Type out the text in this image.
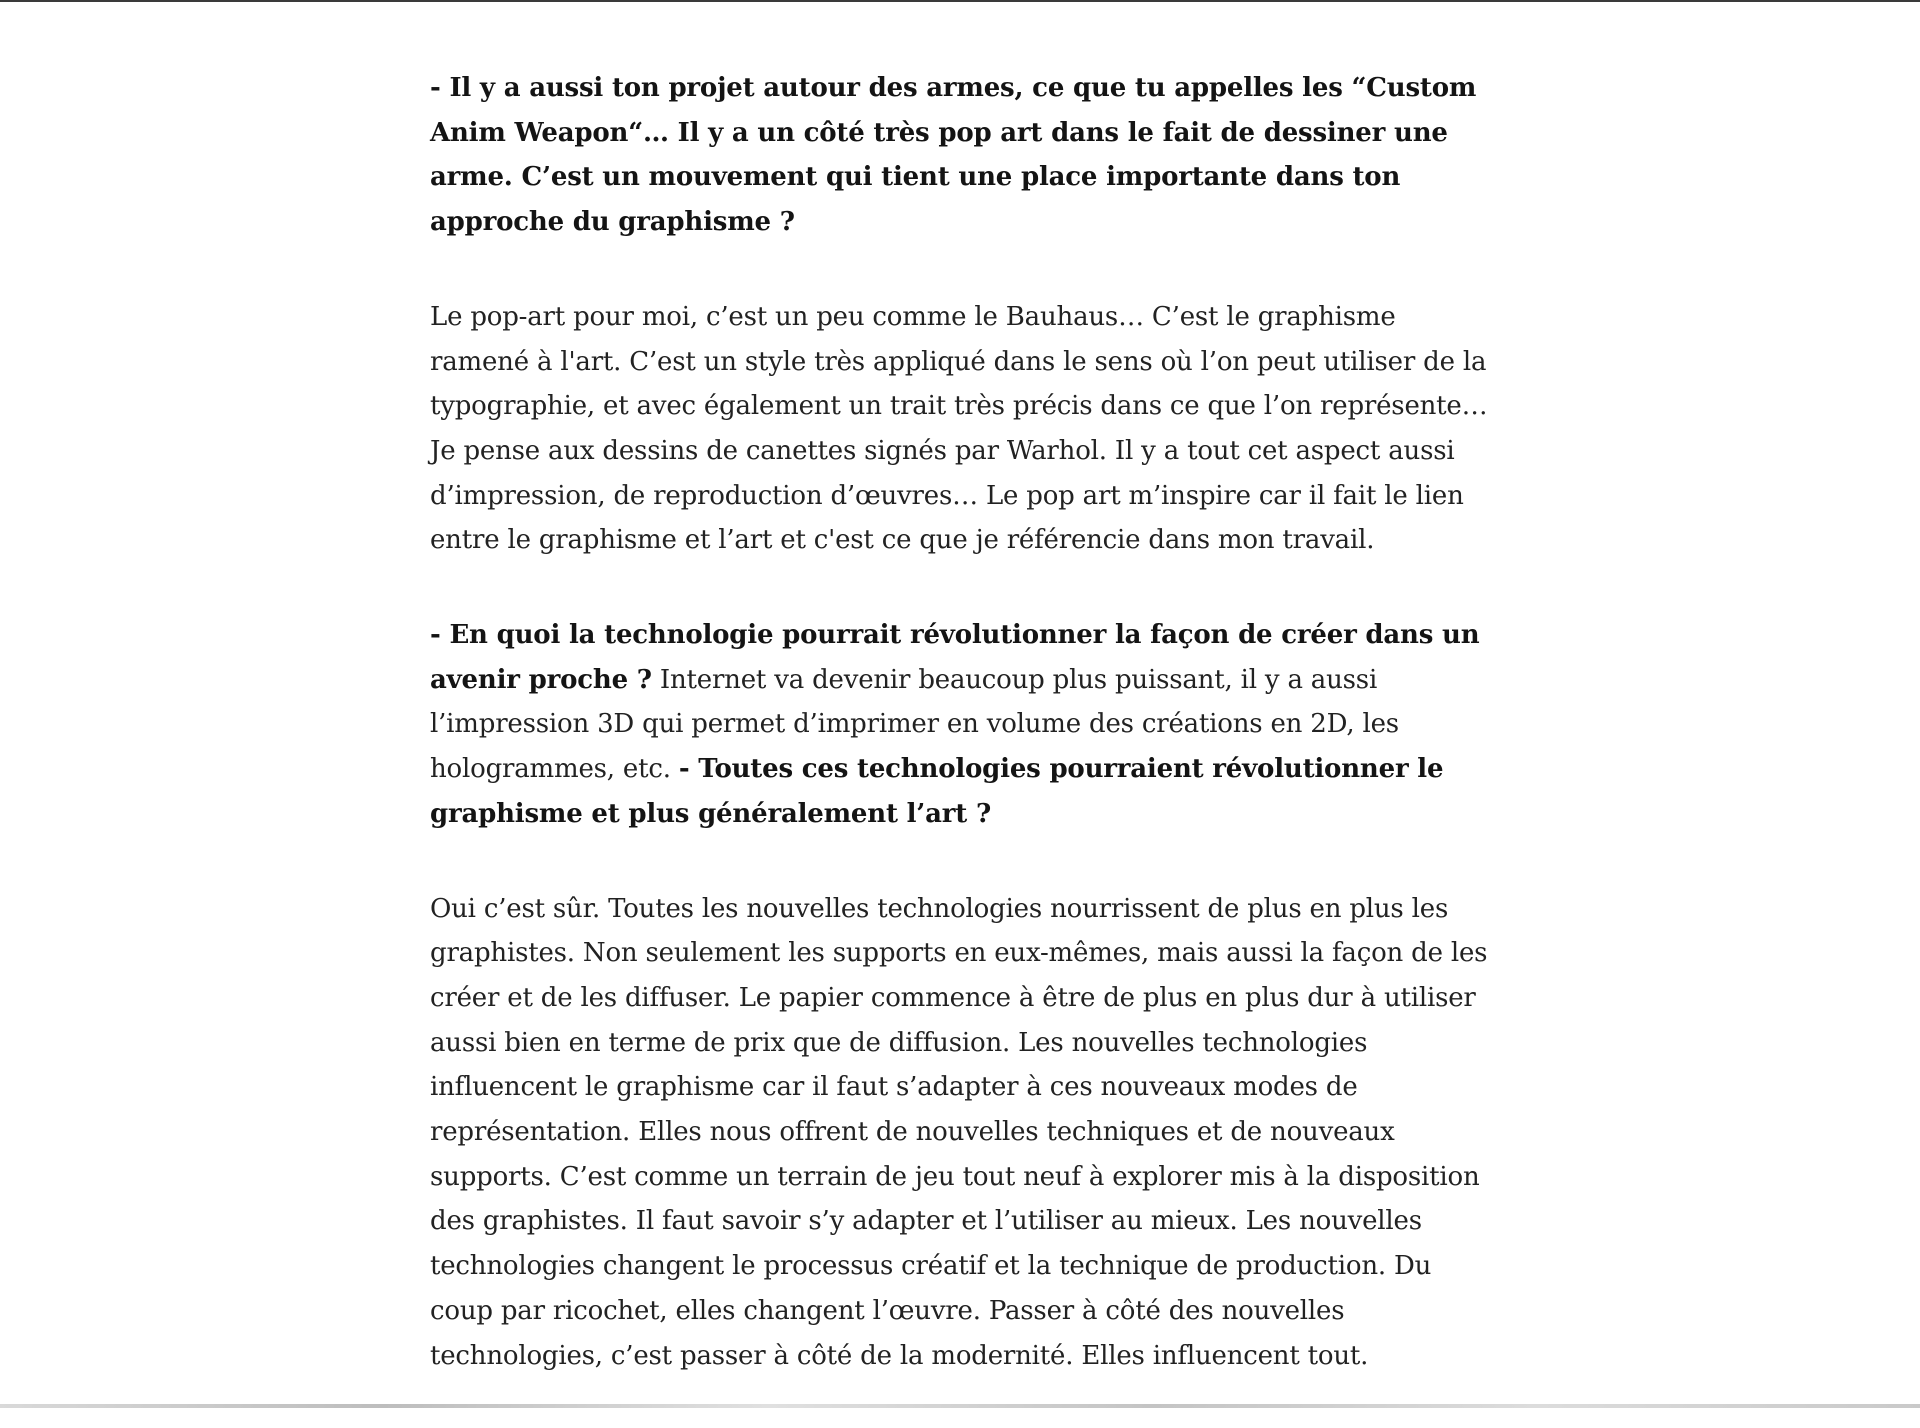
- Il y a aussi ton projet autour des armes, ce que tu appelles les “Custom Anim Weapon“… Il y a un côté très pop art dans le fait de dessiner une arme. C’est un mouvement qui tient une place importante dans ton approche du graphisme ?

Le pop-art pour moi, c’est un peu comme le Bauhaus… C’est le graphisme ramené à l'art. C’est un style très appliqué dans le sens où l’on peut utiliser de la typographie, et avec également un trait très précis dans ce que l’on représente… Je pense aux dessins de canettes signés par Warhol. Il y a tout cet aspect aussi d’impression, de reproduction d’œuvres… Le pop art m’inspire car il fait le lien entre le graphisme et l’art et c'est ce que je référencie dans mon travail.

- En quoi la technologie pourrait révolutionner la façon de créer dans un avenir proche ? Internet va devenir beaucoup plus puissant, il y a aussi l’impression 3D qui permet d’imprimer en volume des créations en 2D, les hologrammes, etc. - Toutes ces technologies pourraient révolutionner le graphisme et plus généralement l’art ?

Oui c’est sûr. Toutes les nouvelles technologies nourrissent de plus en plus les graphistes. Non seulement les supports en eux-mêmes, mais aussi la façon de les créer et de les diffuser. Le papier commence à être de plus en plus dur à utiliser aussi bien en terme de prix que de diffusion. Les nouvelles technologies influencent le graphisme car il faut s’adapter à ces nouveaux modes de représentation. Elles nous offrent de nouvelles techniques et de nouveaux supports. C’est comme un terrain de jeu tout neuf à explorer mis à la disposition des graphistes. Il faut savoir s’y adapter et l’utiliser au mieux. Les nouvelles technologies changent le processus créatif et la technique de production. Du coup par ricochet, elles changent l’œuvre. Passer à côté des nouvelles technologies, c’est passer à côté de la modernité. Elles influencent tout.
